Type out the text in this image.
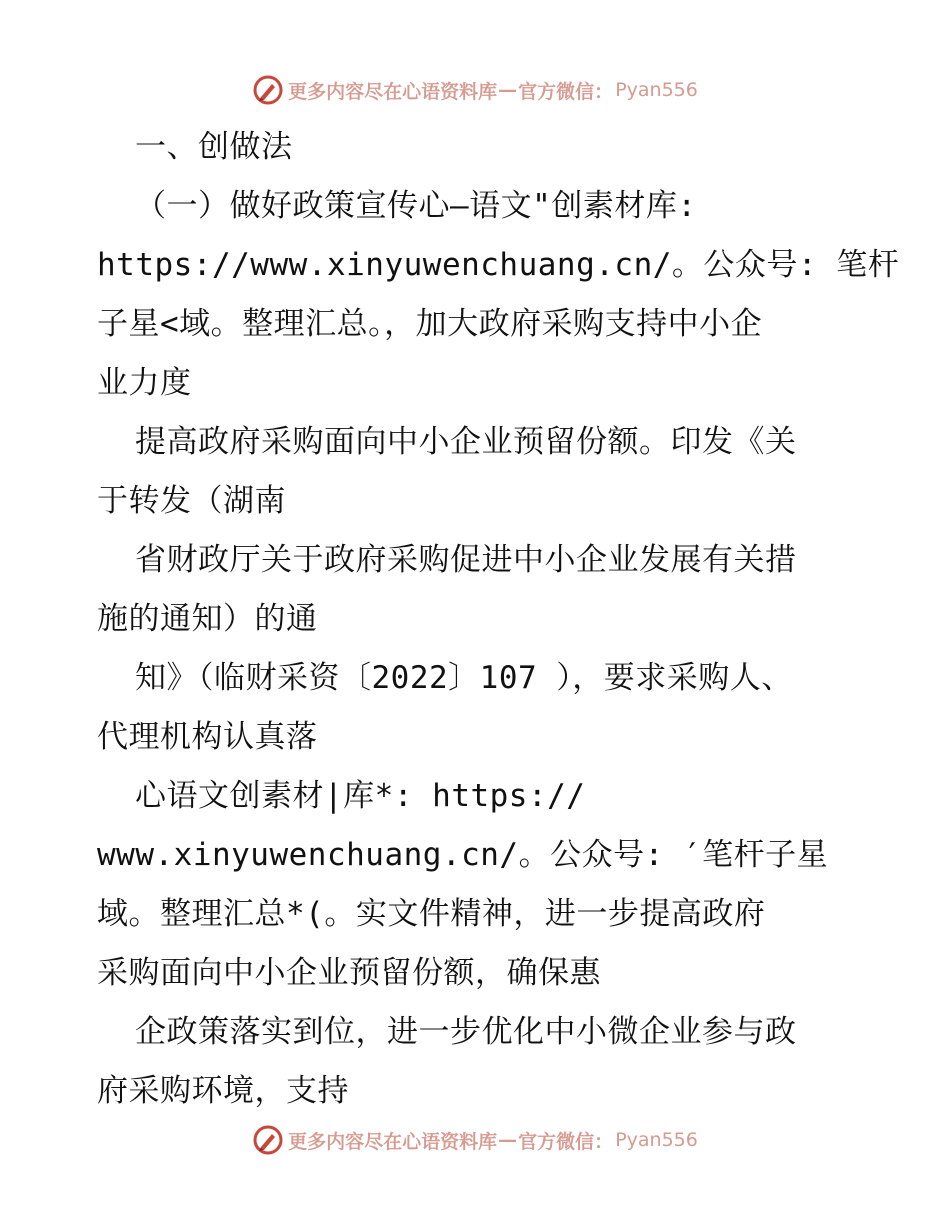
更多内容尽在心语资料库 — 官方微信： Pyan556
一、创做法
（一）做好政策宣传心—语文"创素材库:
https://www.xinyuwenchuang.cn/。公众号: 笔杆
子星<域。整理汇总。，加大政府采购支持中小企
业力度
提高政府采购面向中小企业预留份额。印发《关
于转发（湖南
省财政厅关于政府采购促进中小企业发展有关措
施的通知）的通
知》（临财采资〔2022〕107 ），要求采购人、
代理机构认真落
心语文创素材|库*: https://
www.xinyuwenchuang.cn/。公众号: ′笔杆子星
域。整理汇总*(。实文件精神，进一步提高政府
采购面向中小企业预留份额，确保惠
企政策落实到位，进一步优化中小微企业参与政
府采购环境，支持
更多内容尽在心语资料库 — 官方微信： Pyan556
